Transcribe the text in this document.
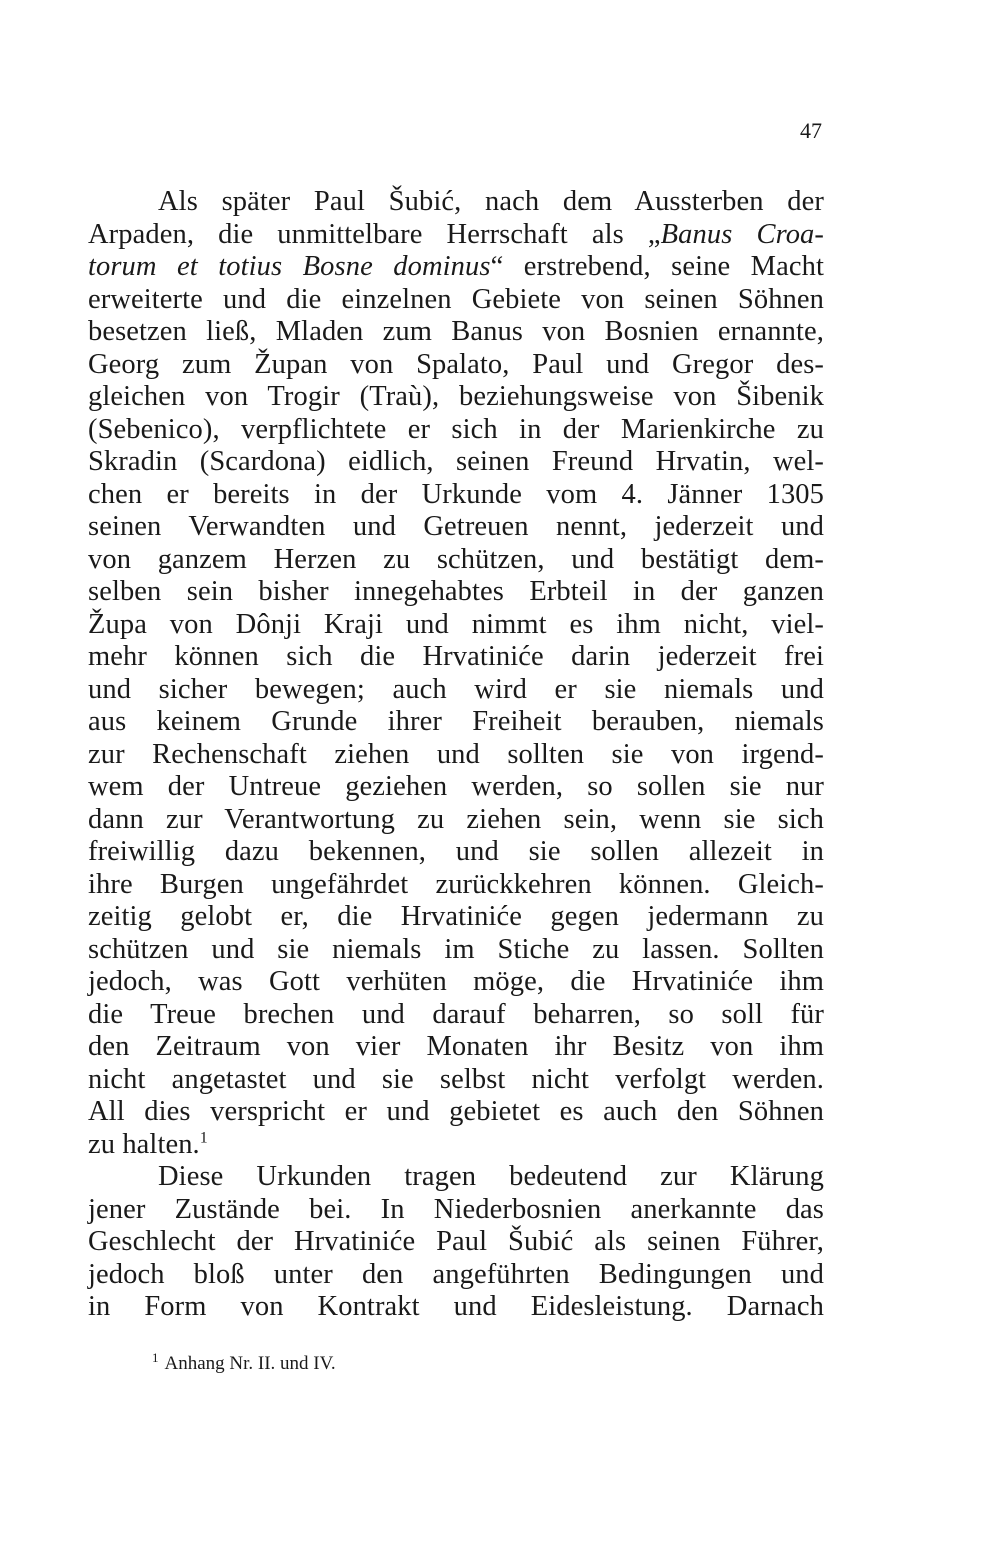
47
Als später Paul Šubić, nach dem Aussterben der
Arpaden, die unmittelbare Herrschaft als „Banus Croa-
torum et totius Bosne dominus“ erstrebend, seine Macht
erweiterte und die einzelnen Gebiete von seinen Söhnen
besetzen ließ, Mladen zum Banus von Bosnien ernannte,
Georg zum Župan von Spalato, Paul und Gregor des-
gleichen von Trogir (Traù), beziehungsweise von Šibenik
(Sebenico), verpflichtete er sich in der Marienkirche zu
Skradin (Scardona) eidlich, seinen Freund Hrvatin, wel-
chen er bereits in der Urkunde vom 4. Jänner 1305
seinen Verwandten und Getreuen nennt, jederzeit und
von ganzem Herzen zu schützen, und bestätigt dem-
selben sein bisher innegehabtes Erbteil in der ganzen
Župa von Dônji Kraji und nimmt es ihm nicht, viel-
mehr können sich die Hrvatiniće darin jederzeit frei
und sicher bewegen; auch wird er sie niemals und
aus keinem Grunde ihrer Freiheit berauben, niemals
zur Rechenschaft ziehen und sollten sie von irgend-
wem der Untreue geziehen werden, so sollen sie nur
dann zur Verantwortung zu ziehen sein, wenn sie sich
freiwillig dazu bekennen, und sie sollen allezeit in
ihre Burgen ungefährdet zurückkehren können. Gleich-
zeitig gelobt er, die Hrvatiniće gegen jedermann zu
schützen und sie niemals im Stiche zu lassen. Sollten
jedoch, was Gott verhüten möge, die Hrvatiniće ihm
die Treue brechen und darauf beharren, so soll für
den Zeitraum von vier Monaten ihr Besitz von ihm
nicht angetastet und sie selbst nicht verfolgt werden.
All dies verspricht er und gebietet es auch den Söhnen
zu halten.$^1$
Diese Urkunden tragen bedeutend zur Klärung
jener Zustände bei. In Niederbosnien anerkannte das
Geschlecht der Hrvatiniće Paul Šubić als seinen Führer,
jedoch bloß unter den angeführten Bedingungen und
in Form von Kontrakt und Eidesleistung. Darnach
$^1$ Anhang Nr. II. und IV.
